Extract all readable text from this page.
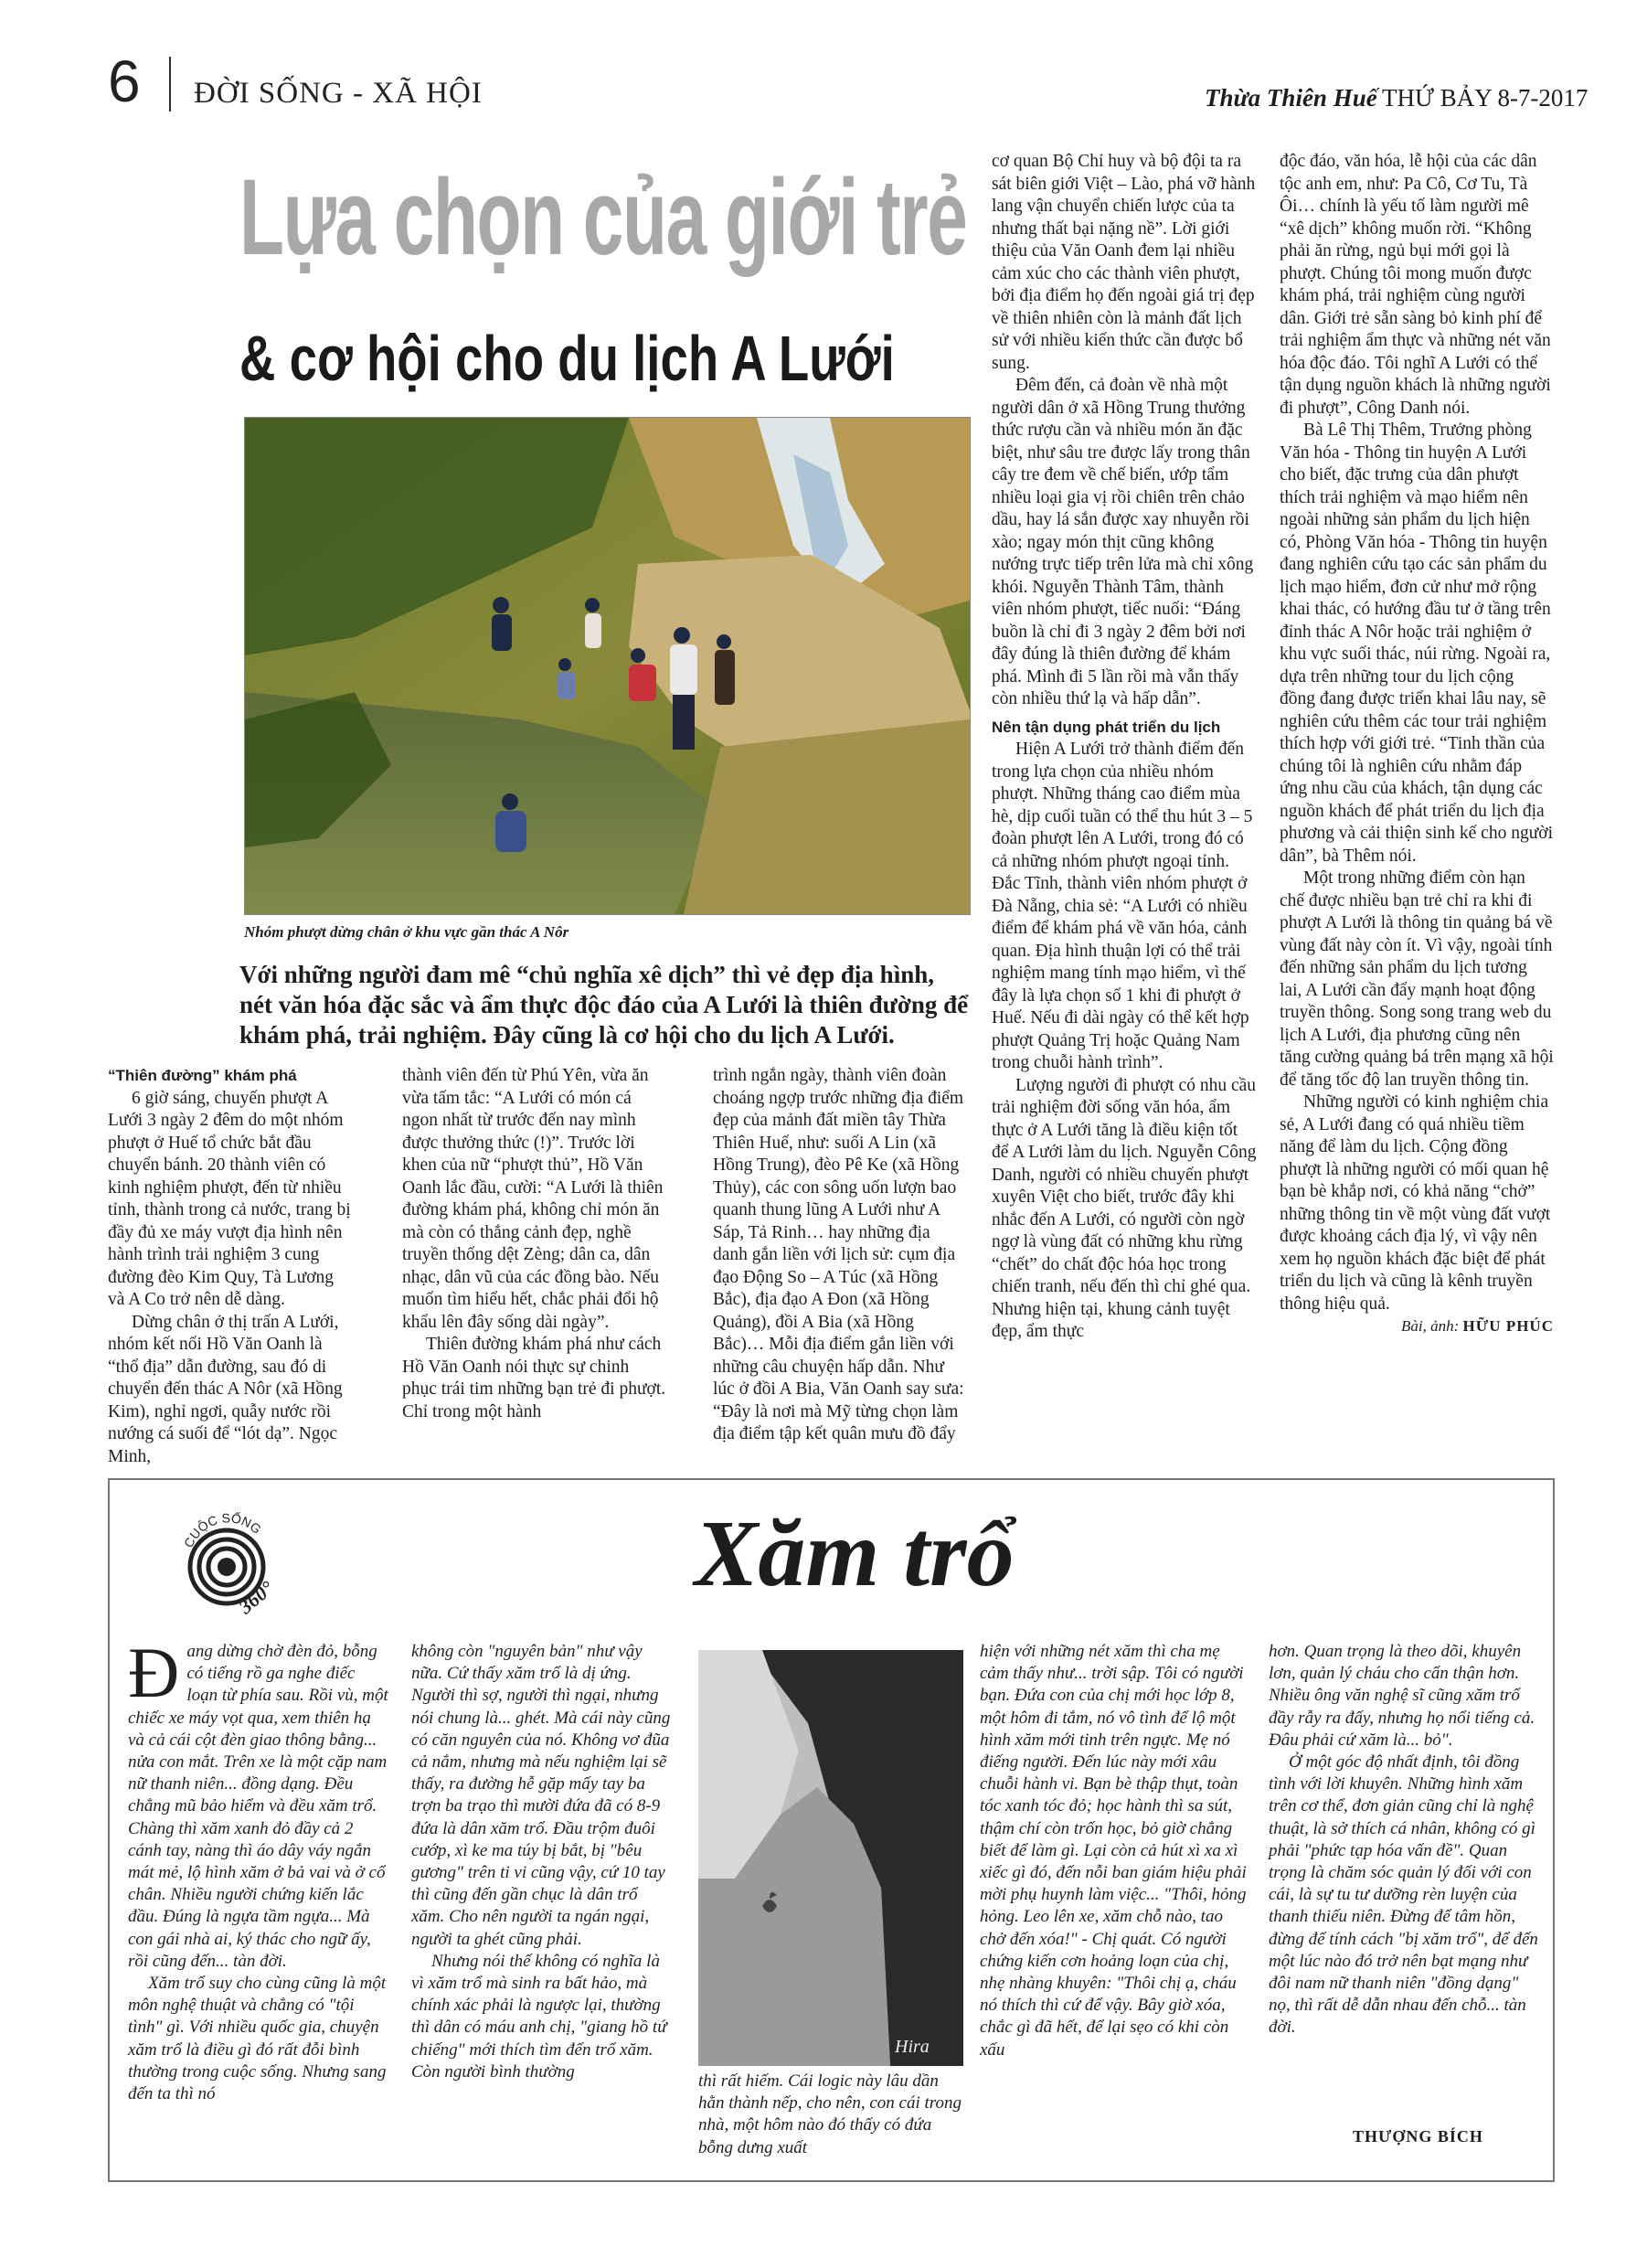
6 ĐỜI SỐNG - XÃ HỘI	Thừa Thiên Huế THỨ BẢY 8-7-2017
Lựa chọn của giới trẻ
& cơ hội cho du lịch A Lưới
Nhóm phượt dừng chân ở khu vực gần thác A Nôr
Với những người đam mê “chủ nghĩa xê dịch” thì vẻ đẹp địa hình, nét văn hóa đặc sắc và ẩm thực độc đáo của A Lưới là thiên đường để khám phá, trải nghiệm. Đây cũng là cơ hội cho du lịch A Lưới.

“Thiên đường” khám phá

6 giờ sáng, chuyến phượt A Lưới 3 ngày 2 đêm do một nhóm phượt ở Huế tổ chức bắt đầu chuyển bánh. 20 thành viên có kinh nghiệm phượt, đến từ nhiều tỉnh, thành trong cả nước, trang bị đầy đủ xe máy vượt địa hình nên hành trình trải nghiệm 3 cung đường đèo Kim Quy, Tà Lương và A Co trở nên dễ dàng.

Dừng chân ở thị trấn A Lưới, nhóm kết nối Hồ Văn Oanh là “thổ địa” dẫn đường, sau đó di chuyển đến thác A Nôr (xã Hồng Kim), nghỉ ngơi, quẫy nước rồi nướng cá suối để “lót dạ”. Ngọc Minh,

thành viên đến từ Phú Yên, vừa ăn vừa tấm tắc: “A Lưới có món cá ngon nhất từ trước đến nay mình được thưởng thức (!)”. Trước lời khen của nữ “phượt thủ”, Hồ Văn Oanh lắc đầu, cười: “A Lưới là thiên đường khám phá, không chỉ món ăn mà còn có thắng cảnh đẹp, nghề truyền thống dệt Zèng; dân ca, dân nhạc, dân vũ của các đồng bào. Nếu muốn tìm hiểu hết, chắc phải đổi hộ khẩu lên đây sống dài ngày”.

Thiên đường khám phá như cách Hồ Văn Oanh nói thực sự chinh phục trái tim những bạn trẻ đi phượt. Chỉ trong một hành

trình ngắn ngày, thành viên đoàn choáng ngợp trước những địa điểm đẹp của mảnh đất miền tây Thừa Thiên Huế, như: suối A Lin (xã Hồng Trung), đèo Pê Ke (xã Hồng Thủy), các con sông uốn lượn bao quanh thung lũng A Lưới như A Sáp, Tả Rinh… hay những địa danh gắn liền với lịch sử: cụm địa đạo Động So – A Túc (xã Hồng Bắc), địa đạo A Đon (xã Hồng Quảng), đồi A Bia (xã Hồng Bắc)… Mỗi địa điểm gắn liền với những câu chuyện hấp dẫn. Như lúc ở đồi A Bia, Văn Oanh say sưa: “Đây là nơi mà Mỹ từng chọn làm địa điểm tập kết quân mưu đồ đẩy

cơ quan Bộ Chỉ huy và bộ đội ta ra sát biên giới Việt – Lào, phá vỡ hành lang vận chuyển chiến lược của ta nhưng thất bại nặng nề”. Lời giới thiệu của Văn Oanh đem lại nhiều cảm xúc cho các thành viên phượt, bởi địa điểm họ đến ngoài giá trị đẹp về thiên nhiên còn là mảnh đất lịch sử với nhiều kiến thức cần được bổ sung.

Đêm đến, cả đoàn về nhà một người dân ở xã Hồng Trung thưởng thức rượu cần và nhiều món ăn đặc biệt, như sâu tre được lấy trong thân cây tre đem về chế biến, ướp tẩm nhiều loại gia vị rồi chiên trên chảo dầu, hay lá sắn được xay nhuyễn rồi xào; ngay món thịt cũng không nướng trực tiếp trên lửa mà chỉ xông khói. Nguyễn Thành Tâm, thành viên nhóm phượt, tiếc nuối: “Đáng buồn là chỉ đi 3 ngày 2 đêm bởi nơi đây đúng là thiên đường để khám phá. Mình đi 5 lần rồi mà vẫn thấy còn nhiều thứ lạ và hấp dẫn”.

Nên tận dụng phát triển du lịch

Hiện A Lưới trở thành điểm đến trong lựa chọn của nhiều nhóm phượt. Những tháng cao điểm mùa hè, dịp cuối tuần có thể thu hút 3 – 5 đoàn phượt lên A Lưới, trong đó có cả những nhóm phượt ngoại tỉnh. Đắc Tĩnh, thành viên nhóm phượt ở Đà Nẵng, chia sẻ: “A Lưới có nhiều điểm để khám phá về văn hóa, cảnh quan. Địa hình thuận lợi có thể trải nghiệm mang tính mạo hiểm, vì thế đây là lựa chọn số 1 khi đi phượt ở Huế. Nếu đi dài ngày có thể kết hợp phượt Quảng Trị hoặc Quảng Nam trong chuỗi hành trình”.

Lượng người đi phượt có nhu cầu trải nghiệm đời sống văn hóa, ẩm thực ở A Lưới tăng là điều kiện tốt để A Lưới làm du lịch. Nguyễn Công Danh, người có nhiều chuyến phượt xuyên Việt cho biết, trước đây khi nhắc đến A Lưới, có người còn ngờ ngợ là vùng đất có những khu rừng “chết” do chất độc hóa học trong chiến tranh, nếu đến thì chỉ ghé qua. Nhưng hiện tại, khung cảnh tuyệt đẹp, ẩm thực

độc đáo, văn hóa, lễ hội của các dân tộc anh em, như: Pa Cô, Cơ Tu, Tà Ôi… chính là yếu tố làm người mê “xê dịch” không muốn rời. “Không phải ăn rừng, ngủ bụi mới gọi là phượt. Chúng tôi mong muốn được khám phá, trải nghiệm cùng người dân. Giới trẻ sẵn sàng bỏ kinh phí để trải nghiệm ẩm thực và những nét văn hóa độc đáo. Tôi nghĩ A Lưới có thể tận dụng nguồn khách là những người đi phượt”, Công Danh nói.

Bà Lê Thị Thêm, Trưởng phòng Văn hóa - Thông tin huyện A Lưới cho biết, đặc trưng của dân phượt thích trải nghiệm và mạo hiểm nên ngoài những sản phẩm du lịch hiện có, Phòng Văn hóa - Thông tin huyện đang nghiên cứu tạo các sản phẩm du lịch mạo hiểm, đơn cử như mở rộng khai thác, có hướng đầu tư ở tầng trên đỉnh thác A Nôr hoặc trải nghiệm ở khu vực suối thác, núi rừng. Ngoài ra, dựa trên những tour du lịch cộng đồng đang được triển khai lâu nay, sẽ nghiên cứu thêm các tour trải nghiệm thích hợp với giới trẻ. “Tinh thần của chúng tôi là nghiên cứu nhằm đáp ứng nhu cầu của khách, tận dụng các nguồn khách để phát triển du lịch địa phương và cải thiện sinh kế cho người dân”, bà Thêm nói.

Một trong những điểm còn hạn chế được nhiều bạn trẻ chỉ ra khi đi phượt A Lưới là thông tin quảng bá về vùng đất này còn ít. Vì vậy, ngoài tính đến những sản phẩm du lịch tương lai, A Lưới cần đẩy mạnh hoạt động truyền thông. Song song trang web du lịch A Lưới, địa phương cũng nên tăng cường quảng bá trên mạng xã hội để tăng tốc độ lan truyền thông tin.

Những người có kinh nghiệm chia sẻ, A Lưới đang có quá nhiều tiềm năng để làm du lịch. Cộng đồng phượt là những người có mối quan hệ bạn bè khắp nơi, có khả năng “chở” những thông tin về một vùng đất vượt được khoảng cách địa lý, vì vậy nên xem họ nguồn khách đặc biệt để phát triển du lịch và cũng là kênh truyền thông hiệu quả.

Bài, ảnh: HỮU PHÚC
CUỘC SỐNG
360°	Xăm trổ

Đang dừng chờ đèn đỏ, bỗng có tiếng rồ ga nghe điếc loạn từ phía sau. Rồi vù, một chiếc xe máy vọt qua, xem thiên hạ và cả cái cột đèn giao thông bằng... nửa con mắt. Trên xe là một cặp nam nữ thanh niên... đồng dạng. Đều chẳng mũ bảo hiểm và đều xăm trổ. Chàng thì xăm xanh đỏ đầy cả 2 cánh tay, nàng thì áo dây váy ngắn mát mẻ, lộ hình xăm ở bả vai và ở cổ chân. Nhiều người chứng kiến lắc đầu. Đúng là ngựa tầm ngựa... Mà con gái nhà ai, ký thác cho ngữ ấy, rồi cũng đến... tàn đời.

Xăm trổ suy cho cùng cũng là một môn nghệ thuật và chẳng có "tội tình" gì. Với nhiều quốc gia, chuyện xăm trổ là điều gì đó rất đỗi bình thường trong cuộc sống. Nhưng sang đến ta thì nó

không còn "nguyên bản" như vậy nữa. Cứ thấy xăm trổ là dị ứng. Người thì sợ, người thì ngại, nhưng nói chung là... ghét. Mà cái này cũng có căn nguyên của nó. Không vơ đũa cả nắm, nhưng mà nếu nghiệm lại sẽ thấy, ra đường hễ gặp mấy tay ba trợn ba trạo thì mười đứa đã có 8-9 đứa là dân xăm trổ. Đầu trộm đuôi cướp, xì ke ma túy bị bắt, bị "bêu gương" trên ti vi cũng vậy, cứ 10 tay thì cũng đến gần chục là dân trổ xăm. Cho nên người ta ngán ngại, người ta ghét cũng phải.

Nhưng nói thế không có nghĩa là vì xăm trổ mà sinh ra bất hảo, mà chính xác phải là ngược lại, thường thì dân có máu anh chị, "giang hồ tứ chiếng" mới thích tìm đến trổ xăm. Còn người bình thường

Hira

thì rất hiếm. Cái logic này lâu dần hằn thành nếp, cho nên, con cái trong nhà, một hôm nào đó thấy có đứa bỗng dưng xuất

hiện với những nét xăm thì cha mẹ cảm thấy như... trời sập. Tôi có người bạn. Đứa con của chị mới học lớp 8, một hôm đi tắm, nó vô tình để lộ một hình xăm mới tinh trên ngực. Mẹ nó điếng người. Đến lúc này mới xâu chuỗi hành vi. Bạn bè thập thụt, toàn tóc xanh tóc đỏ; học hành thì sa sút, thậm chí còn trốn học, bỏ giờ chẳng biết để làm gì. Lại còn cả hút xì xa xì xiếc gì đó, đến nỗi ban giám hiệu phải mời phụ huynh làm việc... "Thôi, hỏng hỏng. Leo lên xe, xăm chỗ nào, tao chở đến xóa!" - Chị quát. Có người chứng kiến cơn hoảng loạn của chị, nhẹ nhàng khuyên: "Thôi chị ạ, cháu nó thích thì cứ để vậy. Bây giờ xóa, chắc gì đã hết, để lại sẹo có khi còn xấu

hơn. Quan trọng là theo dõi, khuyên lơn, quản lý cháu cho cẩn thận hơn. Nhiều ông văn nghệ sĩ cũng xăm trổ đầy rẫy ra đấy, nhưng họ nổi tiếng cả. Đâu phải cứ xăm là... bỏ".

Ở một góc độ nhất định, tôi đồng tình với lời khuyên. Những hình xăm trên cơ thể, đơn giản cũng chỉ là nghệ thuật, là sở thích cá nhân, không có gì phải "phức tạp hóa vấn đề". Quan trọng là chăm sóc quản lý đối với con cái, là sự tu tư dưỡng rèn luyện của thanh thiếu niên. Đừng để tâm hồn, đừng để tính cách "bị xăm trổ", để đến một lúc nào đó trở nên bạt mạng như đôi nam nữ thanh niên "đồng dạng" nọ, thì rất dễ dẫn nhau đến chỗ... tàn đời.

THƯỢNG BÍCH
